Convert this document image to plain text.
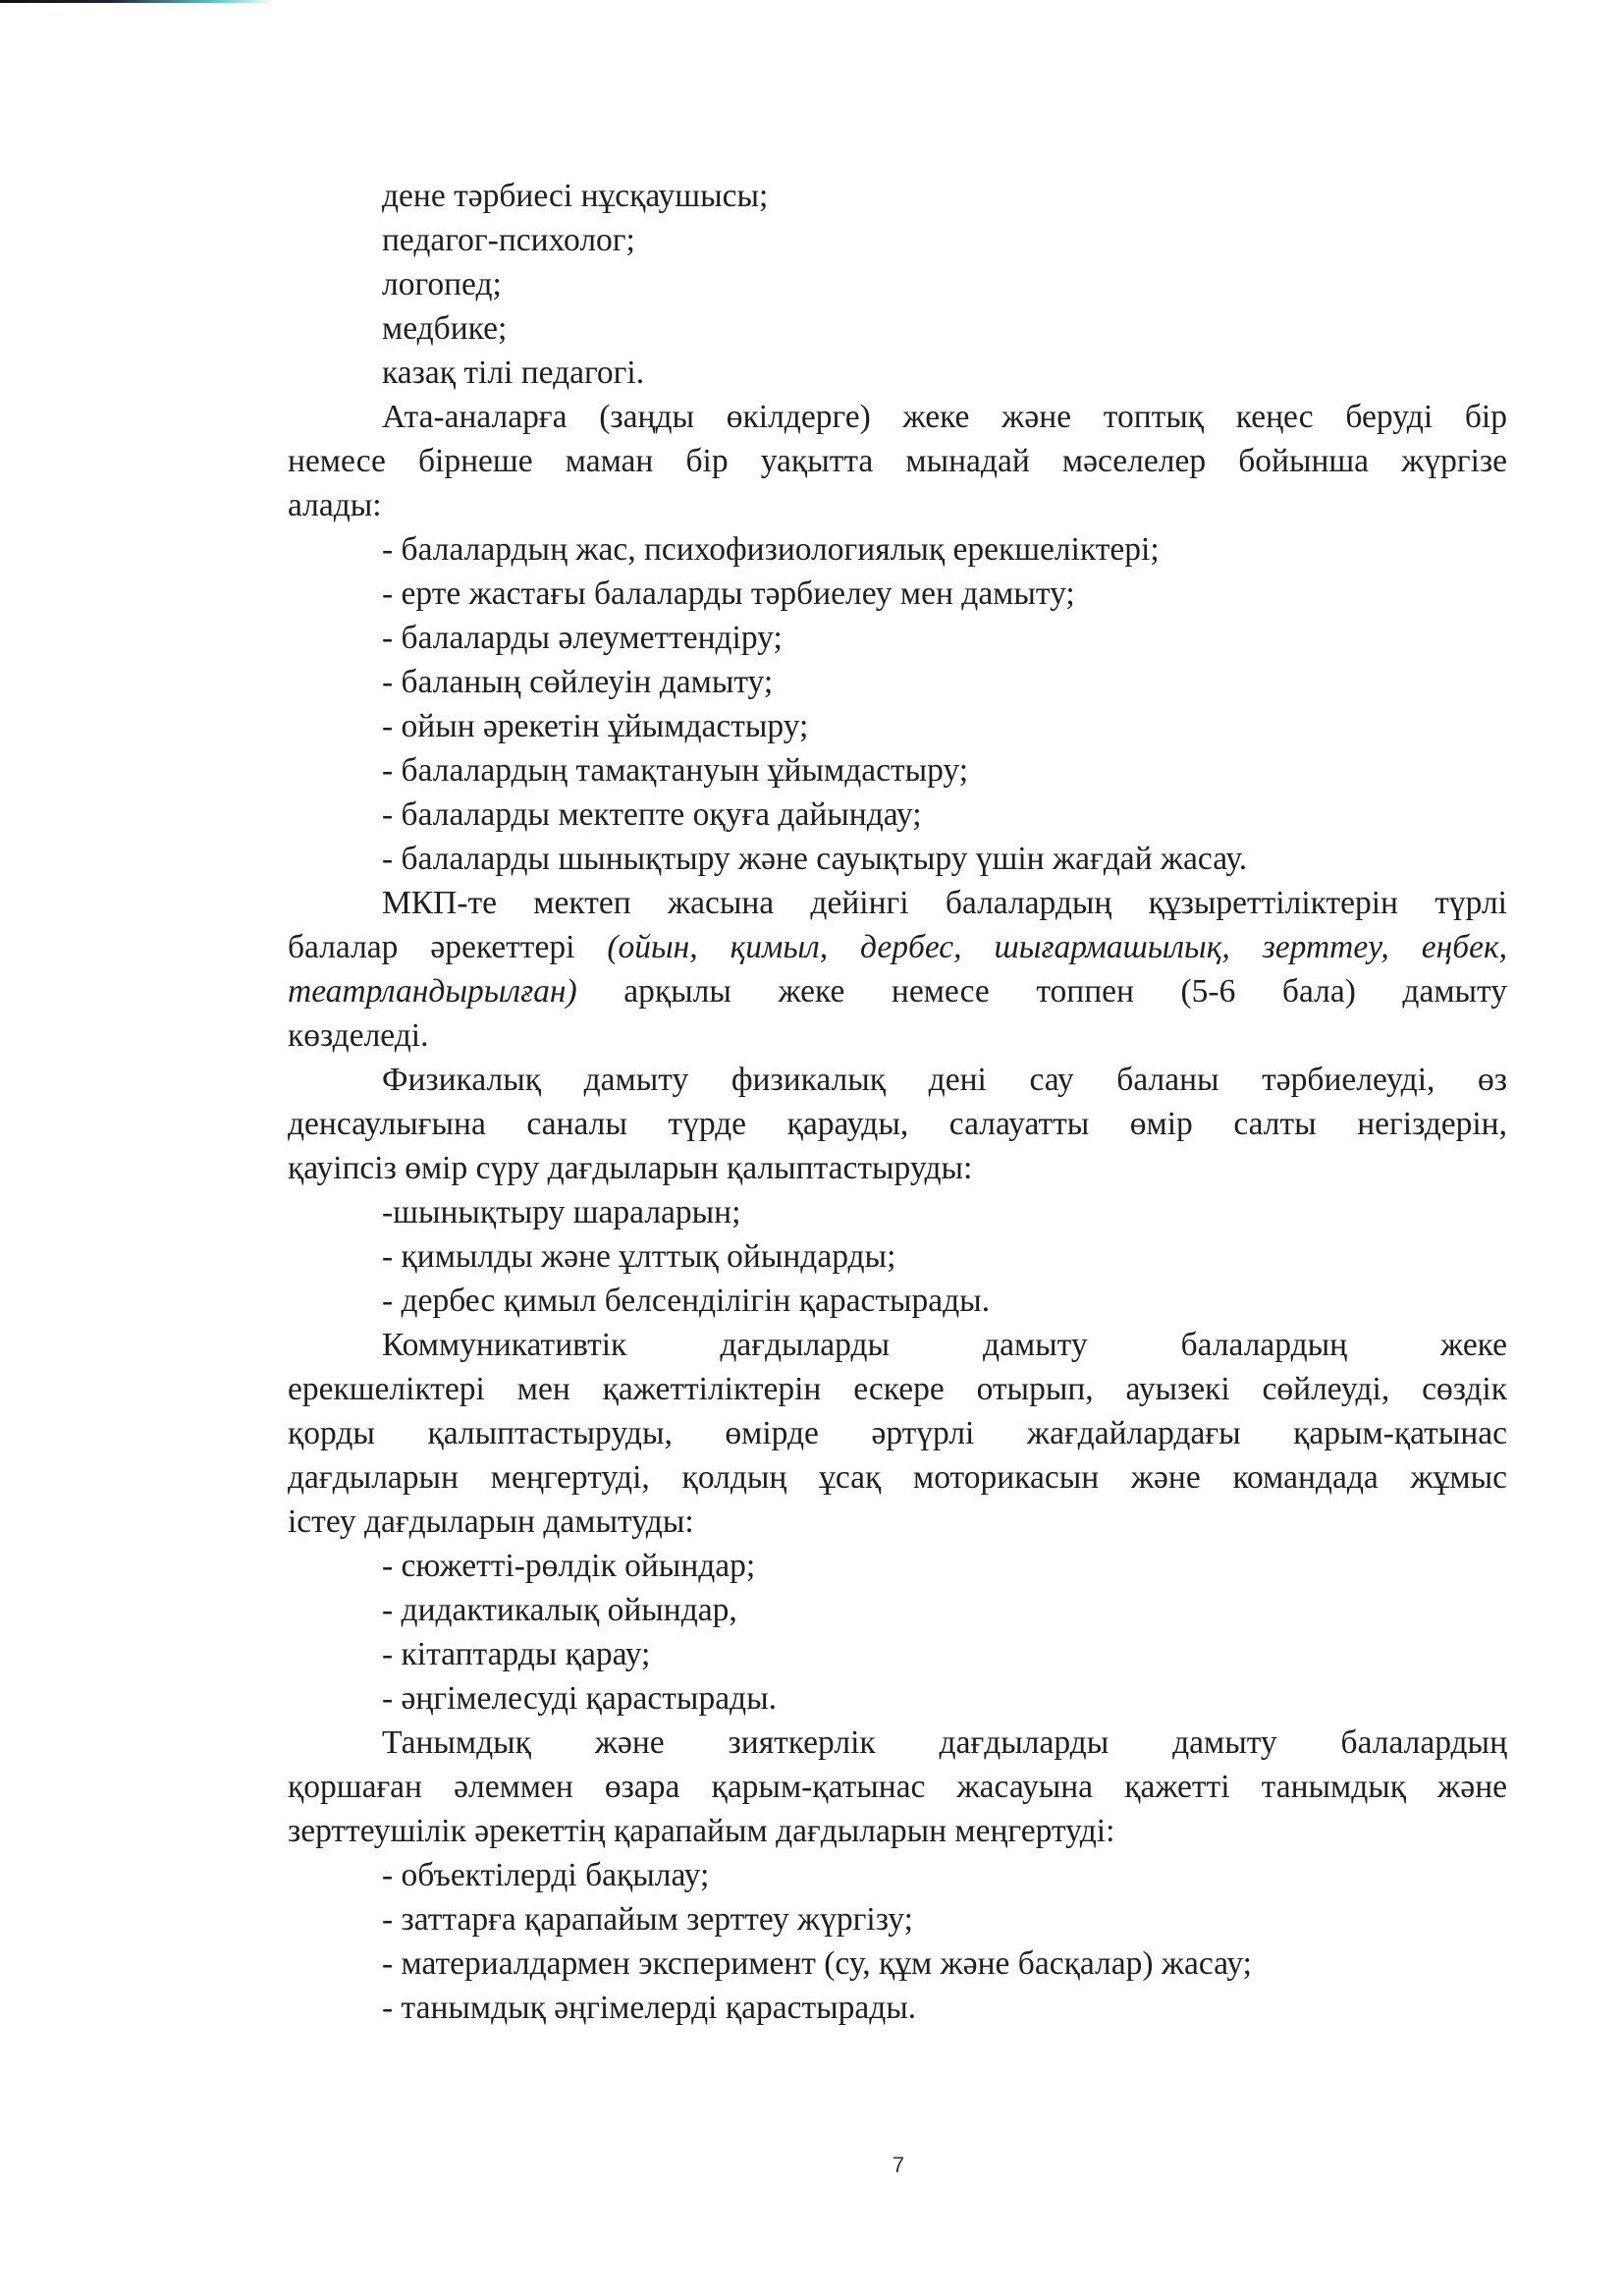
дене тәрбиесі нұсқаушысы;
педагог-психолог;
логопед;
медбике;
казақ тілі педагогі.
Ата-аналарға (заңды өкілдерге) жеке және топтық кеңес беруді бір
немесе бірнеше маман бір уақытта мынадай мәселелер бойынша жүргізе
алады:
- балалардың жас, психофизиологиялық ерекшеліктері;
- ерте жастағы балаларды тәрбиелеу мен дамыту;
- балаларды әлеуметтендіру;
- баланың сөйлеуін дамыту;
- ойын әрекетін ұйымдастыру;
- балалардың тамақтануын ұйымдастыру;
- балаларды мектепте оқуға дайындау;
- балаларды шынықтыру және сауықтыру үшін жағдай жасау.
МКП-те мектеп жасына дейінгі балалардың құзыреттіліктерін түрлі
балалар әрекеттері (ойын, қимыл, дербес, шығармашылық, зерттеу, еңбек,
театрландырылған) арқылы жеке немесе топпен (5-6 бала) дамыту
көзделеді.
Физикалық дамыту физикалық дені сау баланы тәрбиелеуді, өз
денсаулығына саналы түрде қарауды, салауатты өмір салты негіздерін,
қауіпсіз өмір сүру дағдыларын қалыптастыруды:
-шынықтыру шараларын;
- қимылды және ұлттық ойындарды;
- дербес қимыл белсенділігін қарастырады.
Коммуникативтік дағдыларды дамыту балалардың жеке
ерекшеліктері мен қажеттіліктерін ескере отырып, ауызекі сөйлеуді, сөздік
қорды қалыптастыруды, өмірде әртүрлі жағдайлардағы қарым-қатынас
дағдыларын меңгертуді, қолдың ұсақ моторикасын және командада жұмыс
істеу дағдыларын дамытуды:
- сюжетті-рөлдік ойындар;
- дидактикалық ойындар,
- кітаптарды қарау;
- әңгімелесуді қарастырады.
Танымдық және зияткерлік дағдыларды дамыту балалардың
қоршаған әлеммен өзара қарым-қатынас жасауына қажетті танымдық және
зерттеушілік әрекеттің қарапайым дағдыларын меңгертуді:
- объектілерді бақылау;
- заттарға қарапайым зерттеу жүргізу;
- материалдармен эксперимент (су, құм және басқалар) жасау;
- танымдық әңгімелерді қарастырады.
7
